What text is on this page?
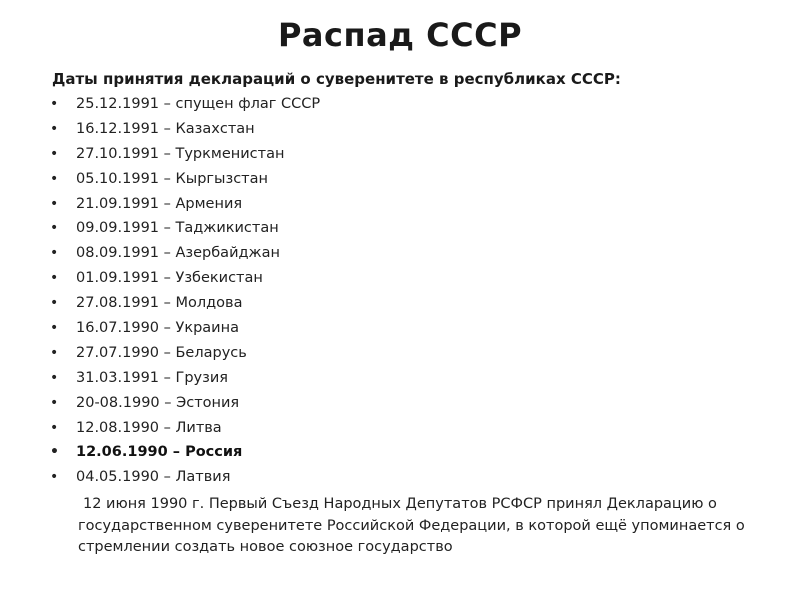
Распад СССР
Даты принятия деклараций о суверенитете в республиках СССР:
• 25.12.1991 – спущен флаг СССР
• 16.12.1991 – Казахстан
• 27.10.1991 – Туркменистан
• 05.10.1991 – Кыргызстан
• 21.09.1991 – Армения
• 09.09.1991 – Таджикистан
• 08.09.1991 – Азербайджан
• 01.09.1991 – Узбекистан
• 27.08.1991 – Молдова
• 16.07.1990 – Украина
• 27.07.1990 – Беларусь
• 31.03.1991 – Грузия
• 20-08.1990 – Эстония
• 12.08.1990 – Литва
• 12.06.1990 – Россия
• 04.05.1990 – Латвия
12 июня 1990 г. Первый Съезд Народных Депутатов РСФСР принял Декларацию о государственном суверенитете Российской Федерации, в которой ещё упоминается о стремлении создать новое союзное государство
